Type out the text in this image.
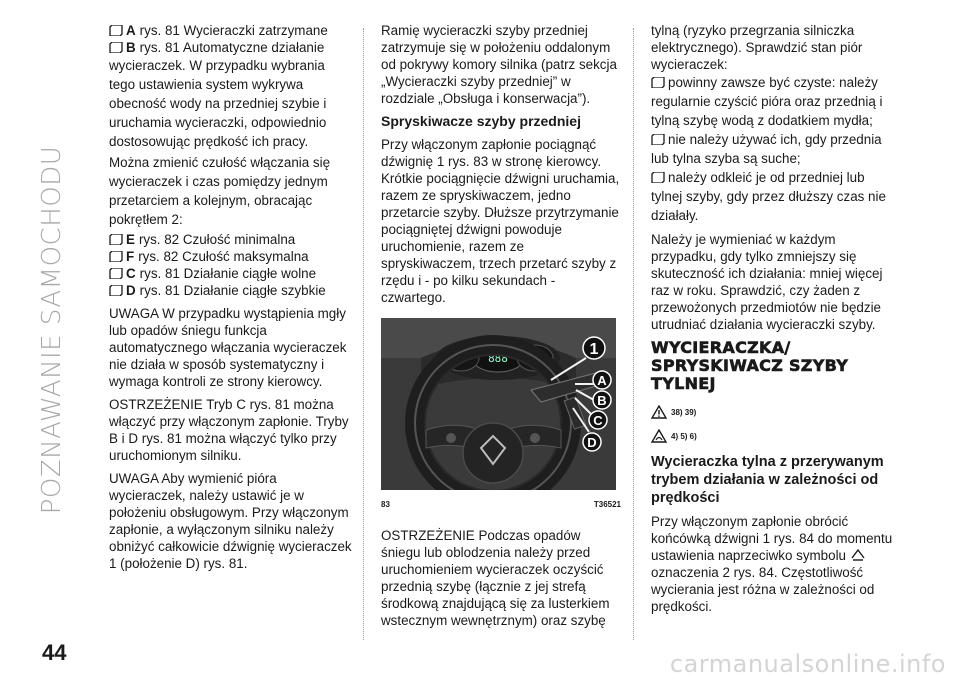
POZNAWANIE SAMOCHODU
A rys. 81 Wycieraczki zatrzymane
B rys. 81 Automatyczne działanie

wycieraczek. W przypadku wybrania tego ustawienia system wykrywa obecność wody na przedniej szybie i uruchamia wycieraczki, odpowiednio dostosowując prędkość ich pracy.

Można zmienić czułość włączania się wycieraczek i czas pomiędzy jednym przetarciem a kolejnym, obracając pokrętłem 2:

E rys. 82 Czułość minimalna
F rys. 82 Czułość maksymalna
C rys. 81 Działanie ciągłe wolne
D rys. 81 Działanie ciągłe szybkie

UWAGA W przypadku wystąpienia mgły lub opadów śniegu funkcja automatycznego włączania wycieraczek nie działa w sposób systematyczny i wymaga kontroli ze strony kierowcy.

OSTRZEŻENIE Tryb C rys. 81 można włączyć przy włączonym zapłonie. Tryby B i D rys. 81 można włączyć tylko przy uruchomionym silniku.

UWAGA Aby wymienić pióra wycieraczek, należy ustawić je w położeniu obsługowym. Przy włączonym zapłonie, a wyłączonym silniku należy obniżyć całkowicie dźwignię wycieraczek 1 (położenie D) rys. 81.

Ramię wycieraczki szyby przedniej zatrzymuje się w położeniu oddalonym od pokrywy komory silnika (patrz sekcja „Wycieraczki szyby przedniej” w rozdziale „Obsługa i konserwacja”).

Spryskiwacze szyby przedniej

Przy włączonym zapłonie pociągnąć dźwignię 1 rys. 83 w stronę kierowcy. Krótkie pociągnięcie dźwigni uruchamia, razem ze spryskiwaczem, jedno przetarcie szyby. Dłuższe przytrzymanie pociągniętej dźwigni powoduje uruchomienie, razem ze spryskiwaczem, trzech przetarć szyby z rzędu i - po kilku sekundach - czwartego.

888
1
A
B
C
D
83	T36521

OSTRZEŻENIE Podczas opadów śniegu lub oblodzenia należy przed uruchomieniem wycieraczek oczyścić przednią szybę (łącznie z jej strefą środkową znajdującą się za lusterkiem wstecznym wewnętrznym) oraz szybę

tylną (ryzyko przegrzania silniczka elektrycznego). Sprawdzić stan piór wycieraczek:

powinny zawsze być czyste: należy regularnie czyścić pióra oraz przednią i tylną szybę wodą z dodatkiem mydła;
nie należy używać ich, gdy przednia lub tylna szyba są suche;
należy odkleić je od przedniej lub tylnej szyby, gdy przez dłuższy czas nie działały.

Należy je wymieniać w każdym przypadku, gdy tylko zmniejszy się skuteczność ich działania: mniej więcej raz w roku. Sprawdzić, czy żaden z przewożonych przedmiotów nie będzie utrudniać działania wycieraczki szyby.

WYCIERACZKA/ SPRYSKIWACZ SZYBY TYLNEJ
38) 39)
4) 5) 6)
Wycieraczka tylna z przerywanym trybem działania w zależności od prędkości

Przy włączonym zapłonie obrócić końcówką dźwigni 1 rys. 84 do momentu ustawienia naprzeciwko symbolu  oznaczenia 2 rys. 84. Częstotliwość wycierania jest różna w zależności od prędkości.

44	carmanualsonline.info
